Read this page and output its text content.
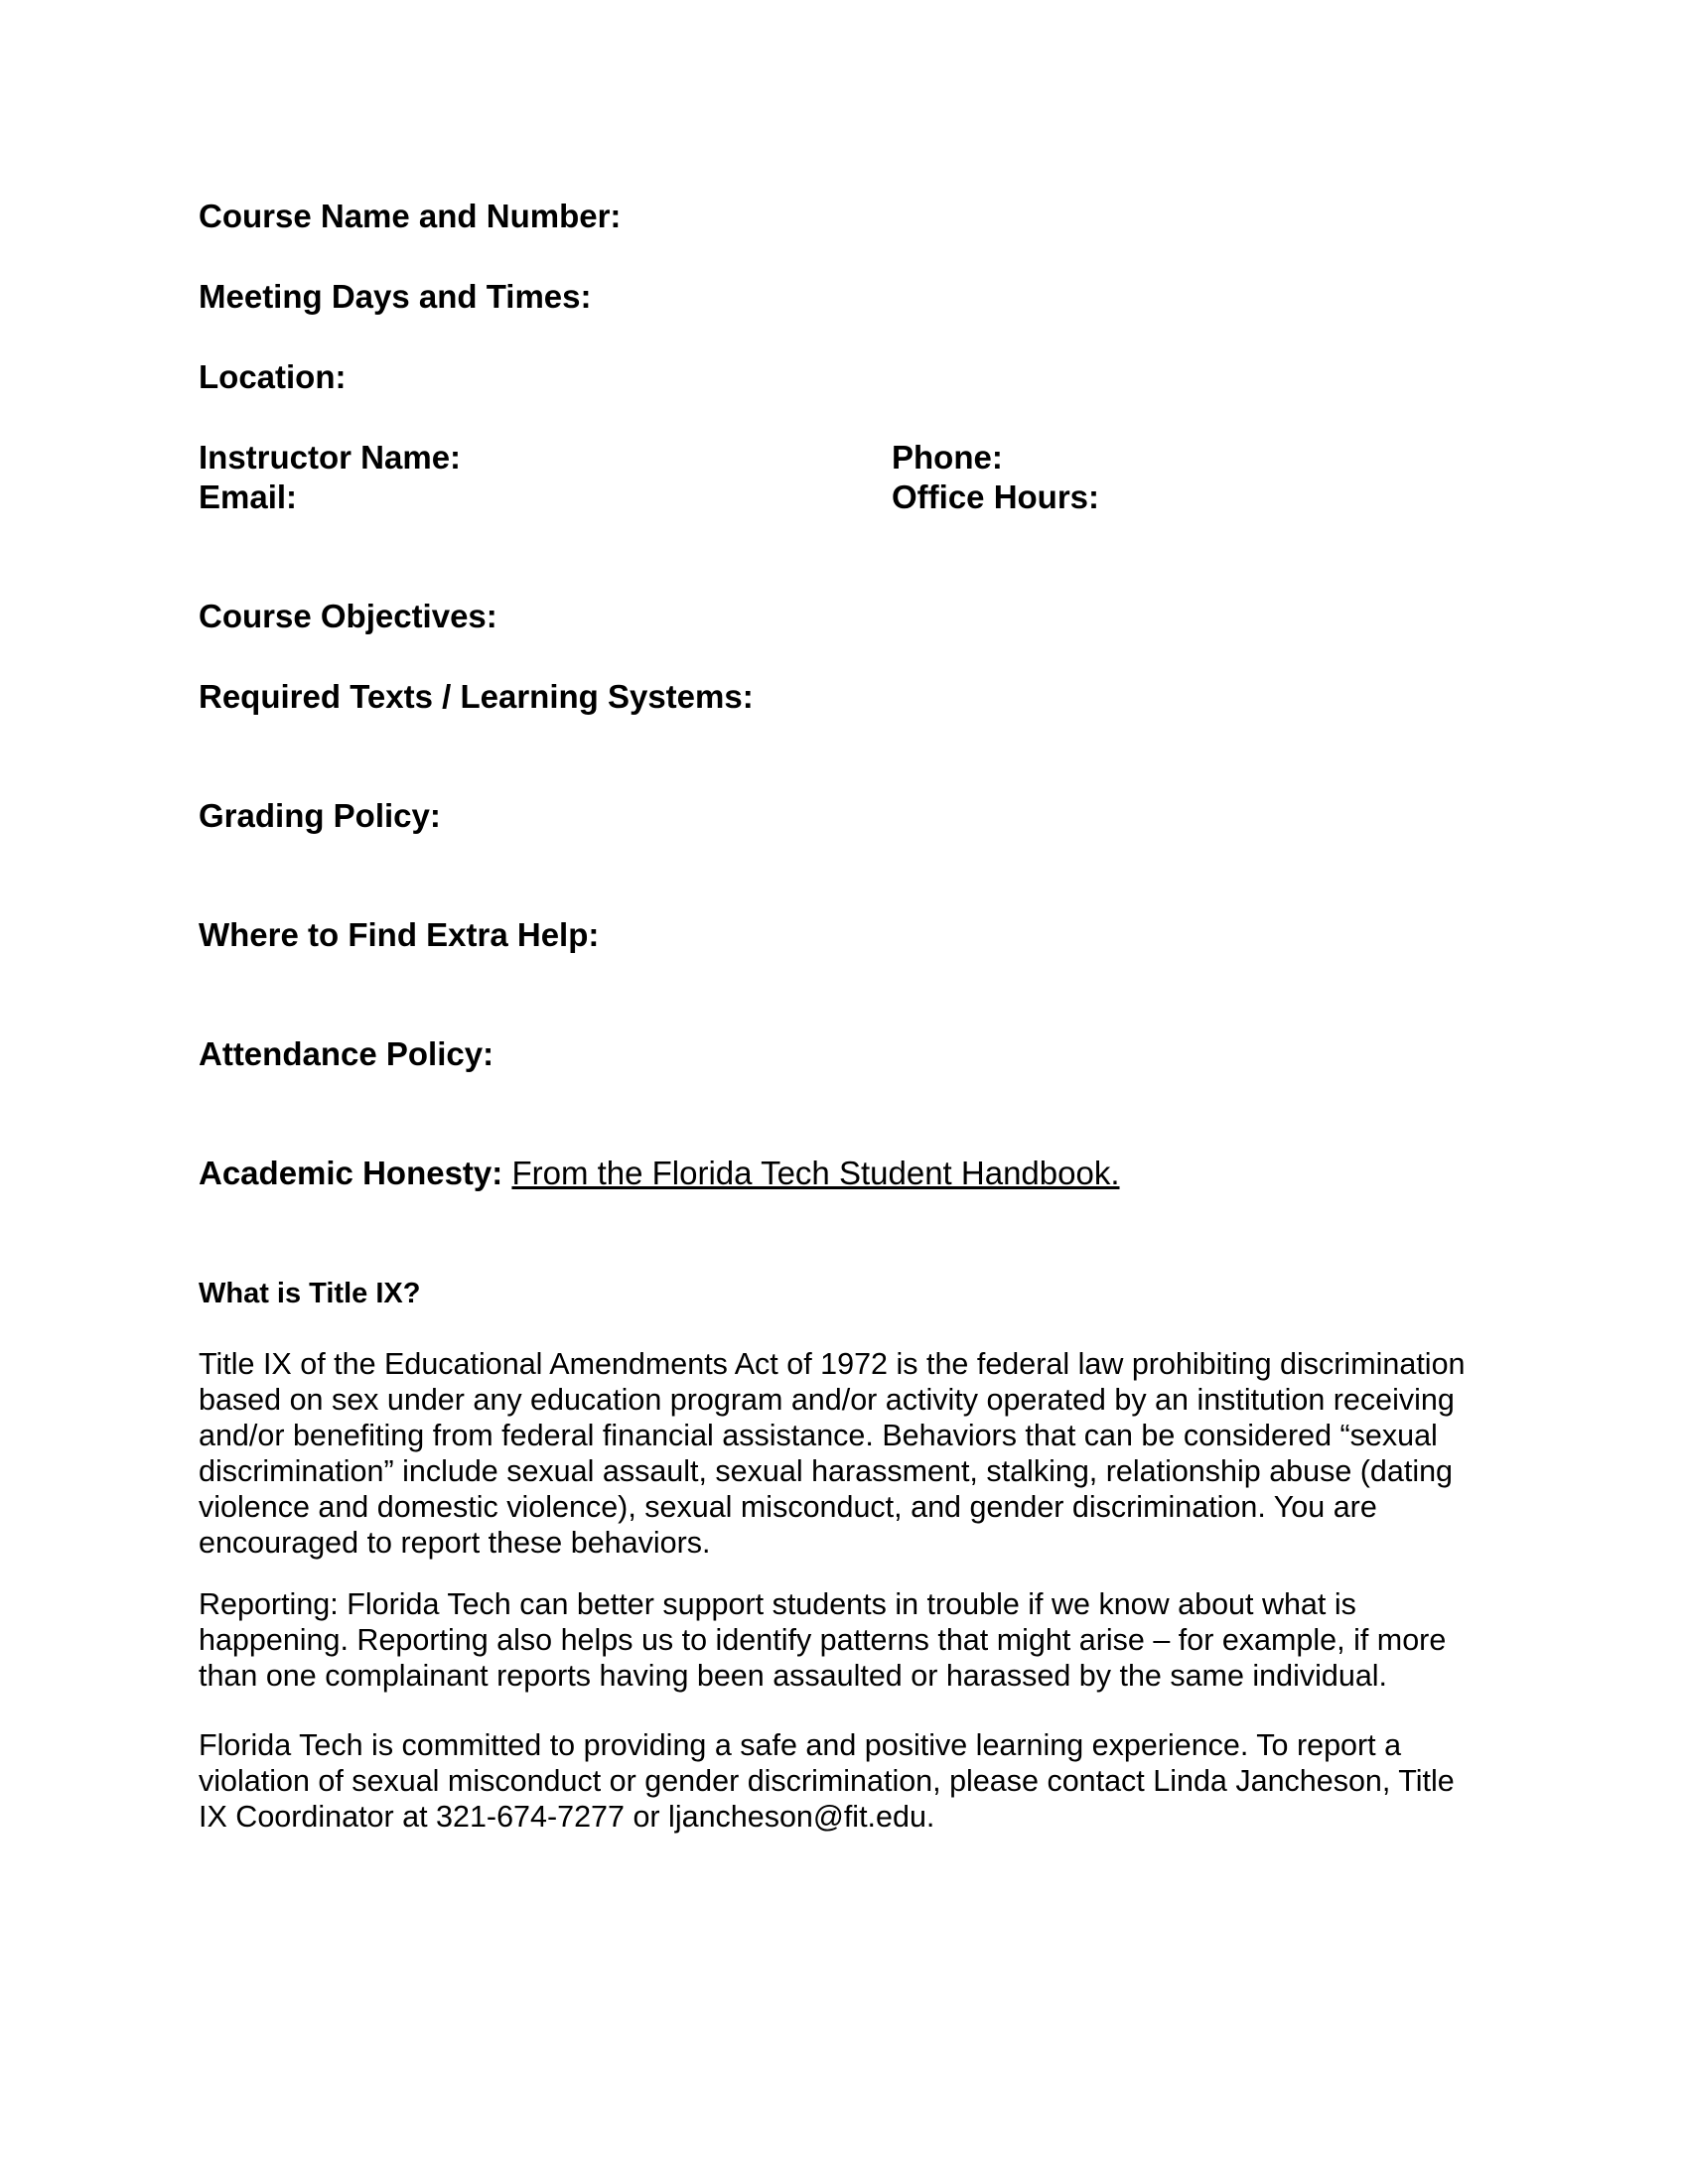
Course Name and Number:
Meeting Days and Times:
Location:
Instructor Name:	Phone:
Email:	Office Hours:
Course Objectives:
Required Texts / Learning Systems:
Grading Policy:
Where to Find Extra Help:
Attendance Policy:
Academic Honesty: From the Florida Tech Student Handbook.
What is Title IX?

Title IX of the Educational Amendments Act of 1972 is the federal law prohibiting discrimination
based on sex under any education program and/or activity operated by an institution receiving
and/or benefiting from federal financial assistance. Behaviors that can be considered “sexual
discrimination” include sexual assault, sexual harassment, stalking, relationship abuse (dating
violence and domestic violence), sexual misconduct, and gender discrimination. You are
encouraged to report these behaviors.

Reporting: Florida Tech can better support students in trouble if we know about what is
happening. Reporting also helps us to identify patterns that might arise – for example, if more
than one complainant reports having been assaulted or harassed by the same individual.

Florida Tech is committed to providing a safe and positive learning experience. To report a
violation of sexual misconduct or gender discrimination, please contact Linda Jancheson, Title
IX Coordinator at 321-674-7277 or ljancheson@fit.edu.
